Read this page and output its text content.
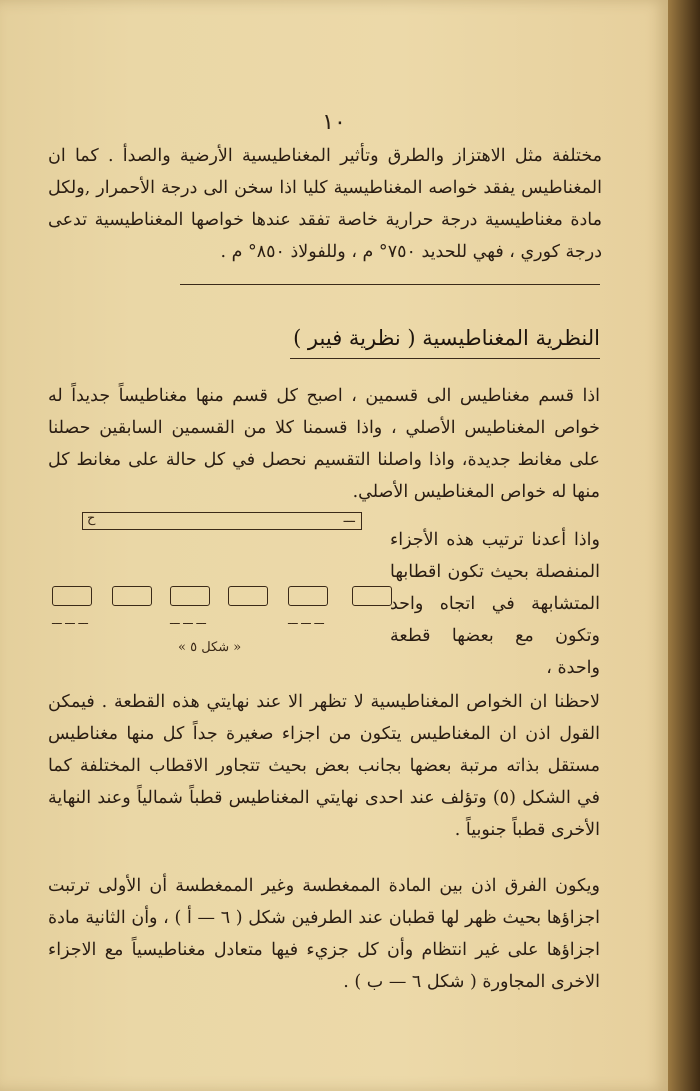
١٠
مختلفة مثل الاهتزاز والطرق وتأثير المغناطيسية الأرضية والصدأ . كما ان المغناطيس يفقد خواصه المغناطيسية كليا اذا سخن الى درجة الأحمرار ,ولكل مادة مغناطيسية درجة حرارية خاصة تفقد عندها خواصها المغناطيسية تدعى درجة كوري ، فهي للحديد ٧٥٠° م ، وللفولاذ ٨٥٠° م .
النظرية المغناطيسية ( نظرية فيبر )
اذا قسم مغناطيس الى قسمين ، اصبح كل قسم منها مغناطيساً جديداً له خواص المغناطيس الأصلي ، واذا قسمنا كلا من القسمين السابقين حصلنا على مغانط جديدة، واذا واصلنا التقسيم نحصل في كل حالة على مغانط كل منها له خواص المغناطيس الأصلي.
ح	ـــ
واذا أعدنا ترتيب هذه الأجزاء المنفصلة بحيث تكون اقطابها المتشابهة في اتجاه واحد وتكون مع بعضها قطعة واحدة ،
ـــ ـــ ـــ	ـــ ـــ ـــ	ـــ ـــ ـــ
« شكل ٥ »
لاحظنا ان الخواص المغناطيسية لا تظهر الا عند نهايتي هذه القطعة . فيمكن القول اذن ان المغناطيس يتكون من اجزاء صغيرة جداً كل منها مغناطيس مستقل بذاته مرتبة بعضها بجانب بعض بحيث تتجاور الاقطاب المختلفة كما في الشكل (٥) وتؤلف عند احدى نهايتي المغناطيس قطباً شمالياً وعند النهاية الأخرى قطباً جنوبياً .
ويكون الفرق اذن بين المادة الممغطسة وغير الممغطسة أن الأولى ترتبت اجزاؤها بحيث ظهر لها قطبان عند الطرفين شكل ( ٦ — أ ) ، وأن الثانية مادة اجزاؤها على غير انتظام وأن كل جزيء فيها متعادل مغناطيسياً مع الاجزاء الاخرى المجاورة ( شكل ٦ — ب ) .
